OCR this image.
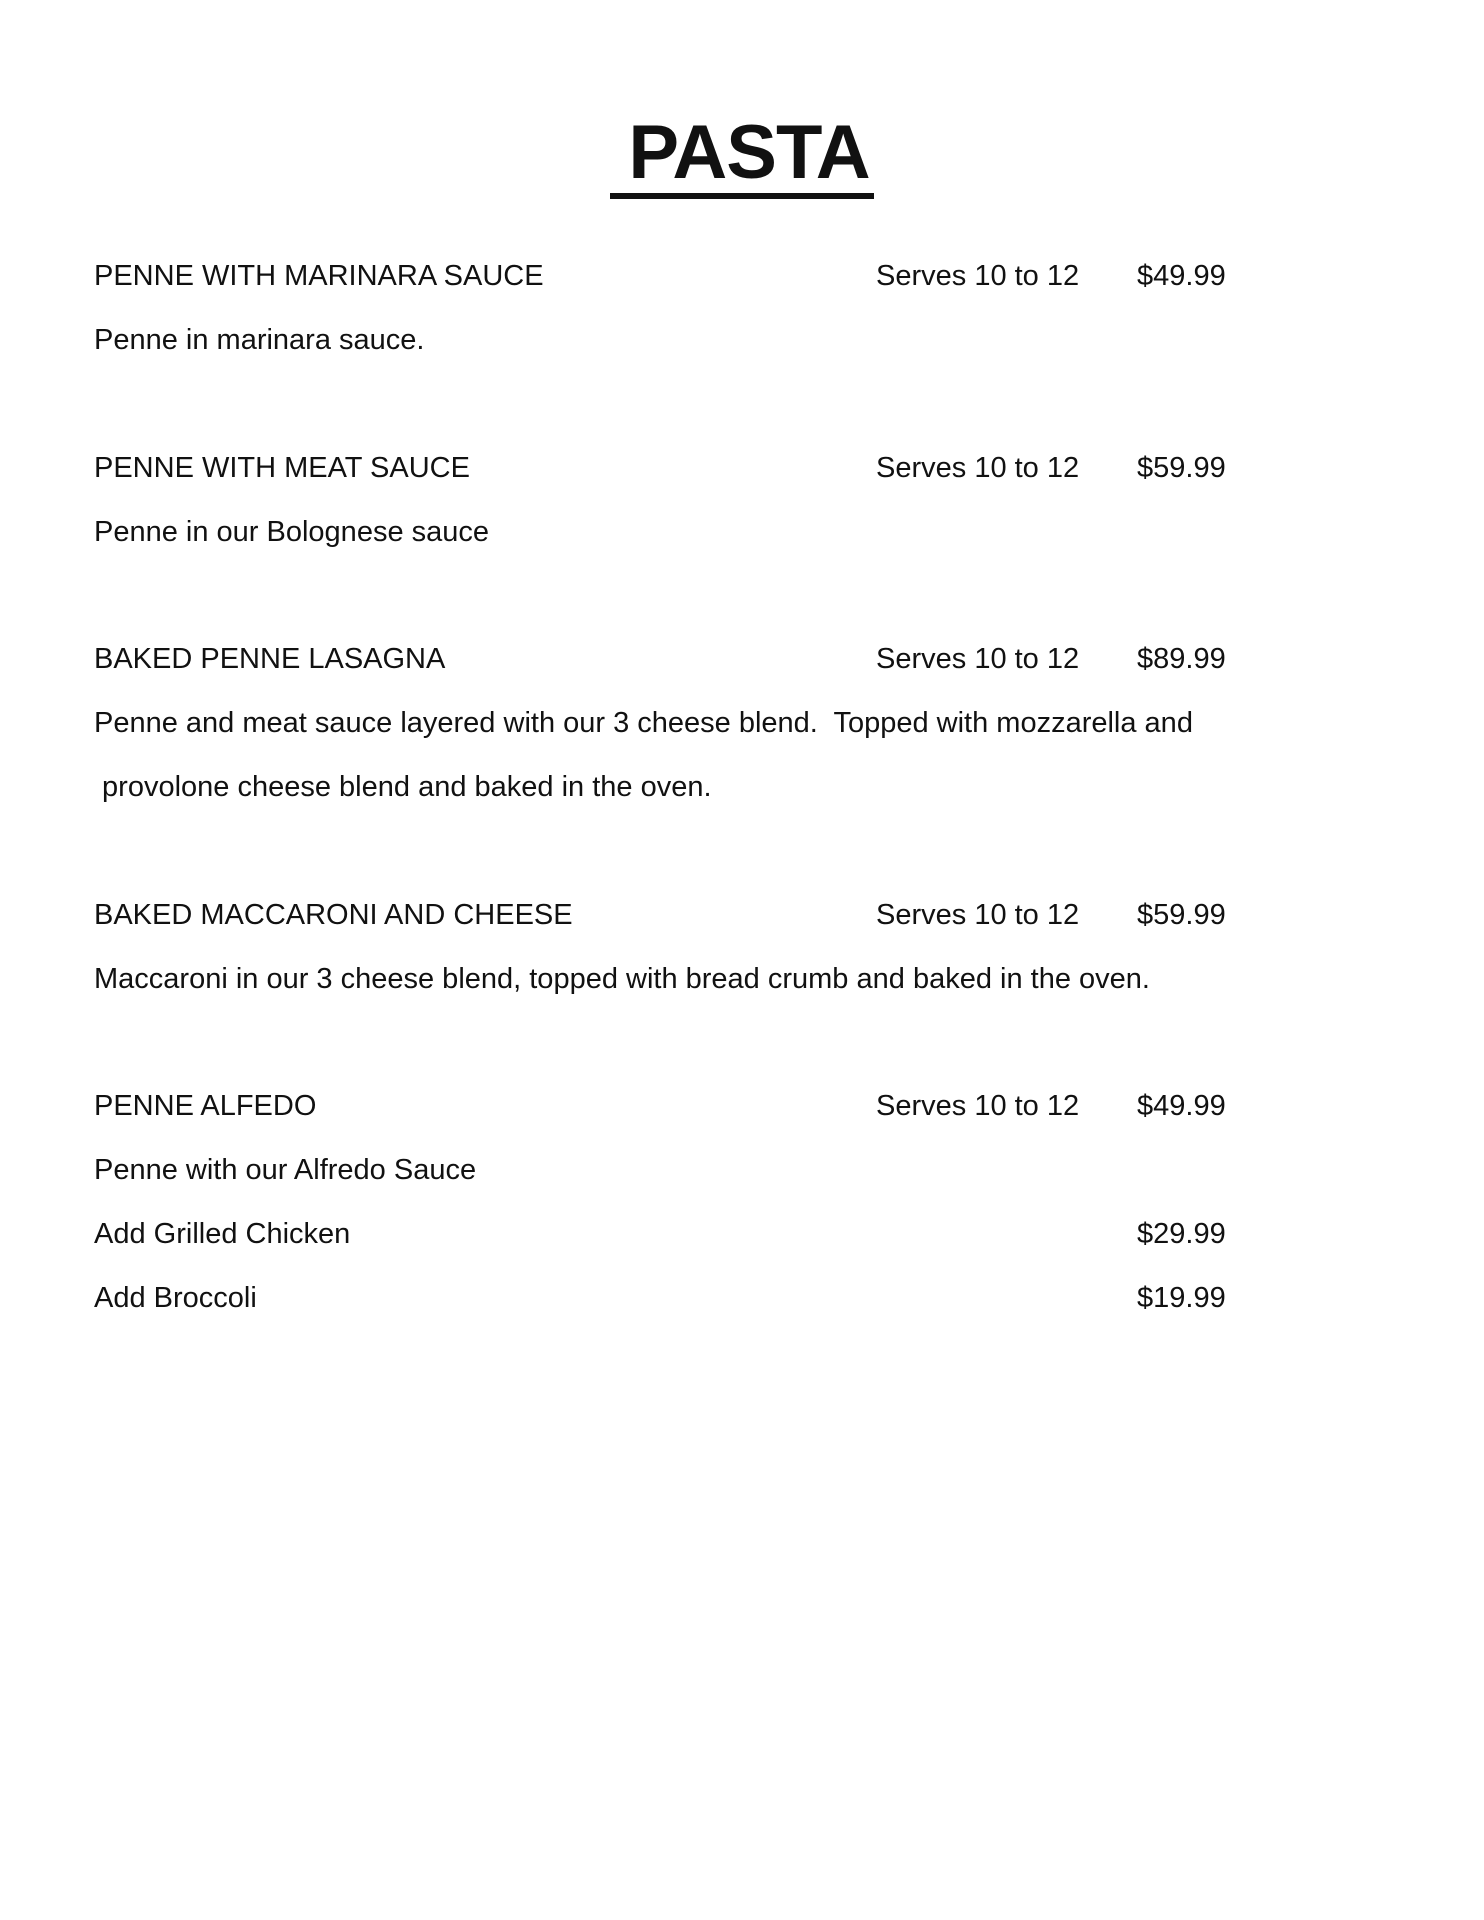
PASTA
PENNE WITH MARINARA SAUCE	Serves 10 to 12 $49.99
Penne in marinara sauce.
PENNE WITH MEAT SAUCE	Serves 10 to 12 $59.99
Penne in our Bolognese sauce
BAKED PENNE LASAGNA	Serves 10 to 12 $89.99
Penne and meat sauce layered with our 3 cheese blend.  Topped with mozzarella and
provolone cheese blend and baked in the oven.
BAKED MACCARONI AND CHEESE	Serves 10 to 12 $59.99
Maccaroni in our 3 cheese blend, topped with bread crumb and baked in the oven.
PENNE ALFEDO	Serves 10 to 12 $49.99
Penne with our Alfredo Sauce
Add Grilled Chicken	$29.99
Add Broccoli	$19.99
